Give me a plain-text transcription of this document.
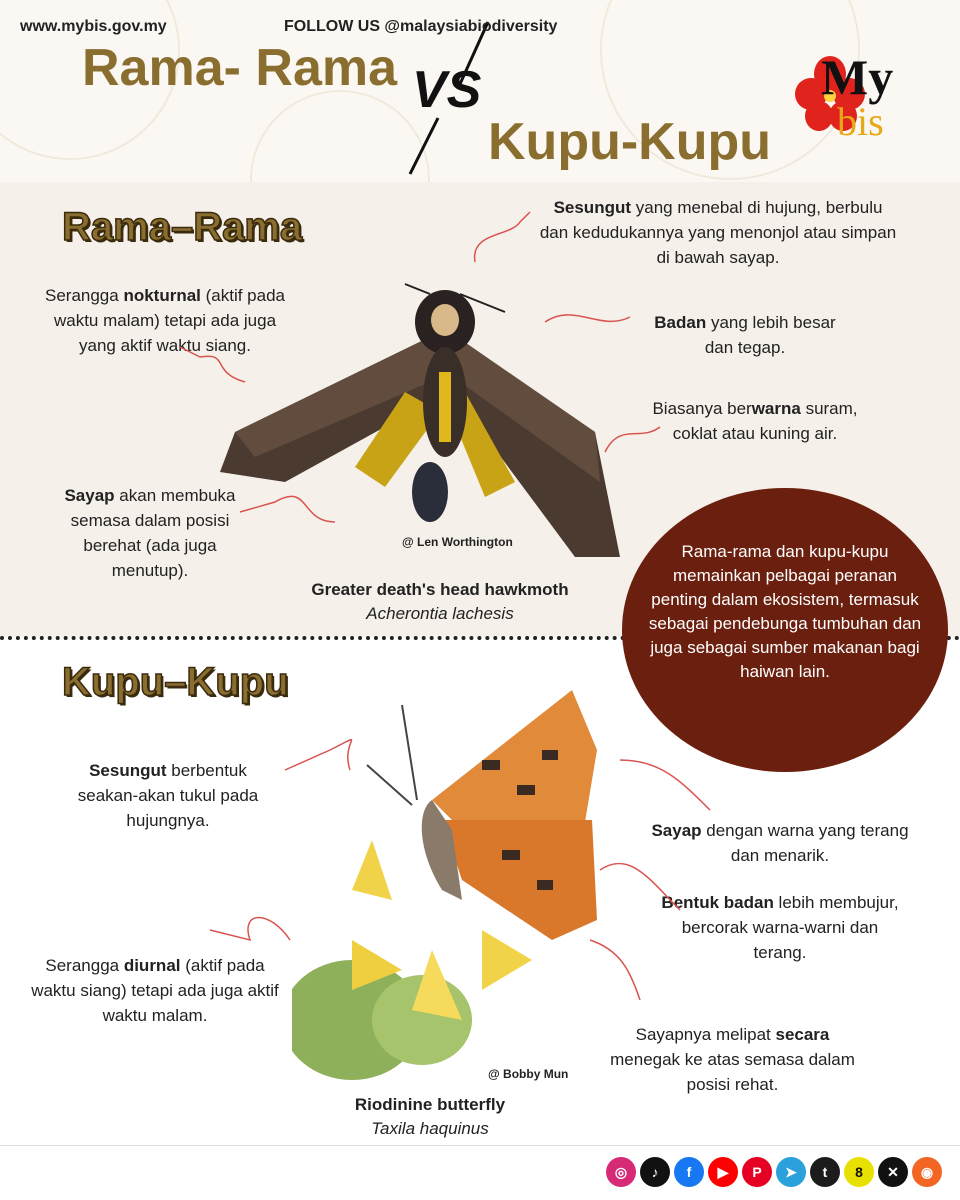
Rama- Rama VS
Kupu-Kupu
My
bis
Rama–Rama	Sesungut yang menebal di hujung, berbulu dan kedudukannya yang menonjol atau simpan di bawah sayap.
Serangga nokturnal (aktif pada waktu malam) tetapi ada juga yang aktif waktu siang.
Badan yang lebih besar dan tegap.
Biasanya berwarna suram, coklat atau kuning air.
Sayap akan membuka semasa dalam posisi berehat (ada juga menutup).
@ Len Worthington
Greater death's head hawkmoth
Acherontia lachesis
Kupu–Kupu
Sesungut berbentuk seakan-akan tukul pada hujungnya.
Serangga diurnal (aktif pada waktu siang) tetapi ada juga aktif waktu malam.
Sayap dengan warna yang terang dan menarik.
Bentuk badan lebih membujur, bercorak warna-warni dan terang.
Sayapnya melipat secara menegak ke atas semasa dalam posisi rehat.
@ Bobby Mun
Riodinine butterfly
Taxila haquinus
Rama-rama dan kupu-kupu memainkan pelbagai peranan penting dalam ekosistem, termasuk sebagai pendebunga tumbuhan dan juga sebagai sumber makanan bagi haiwan lain.
www.mybis.gov.my	FOLLOW US @malaysiabiodiversity
◎	♪	f	▶	P	➤	t	8	✕	◉
